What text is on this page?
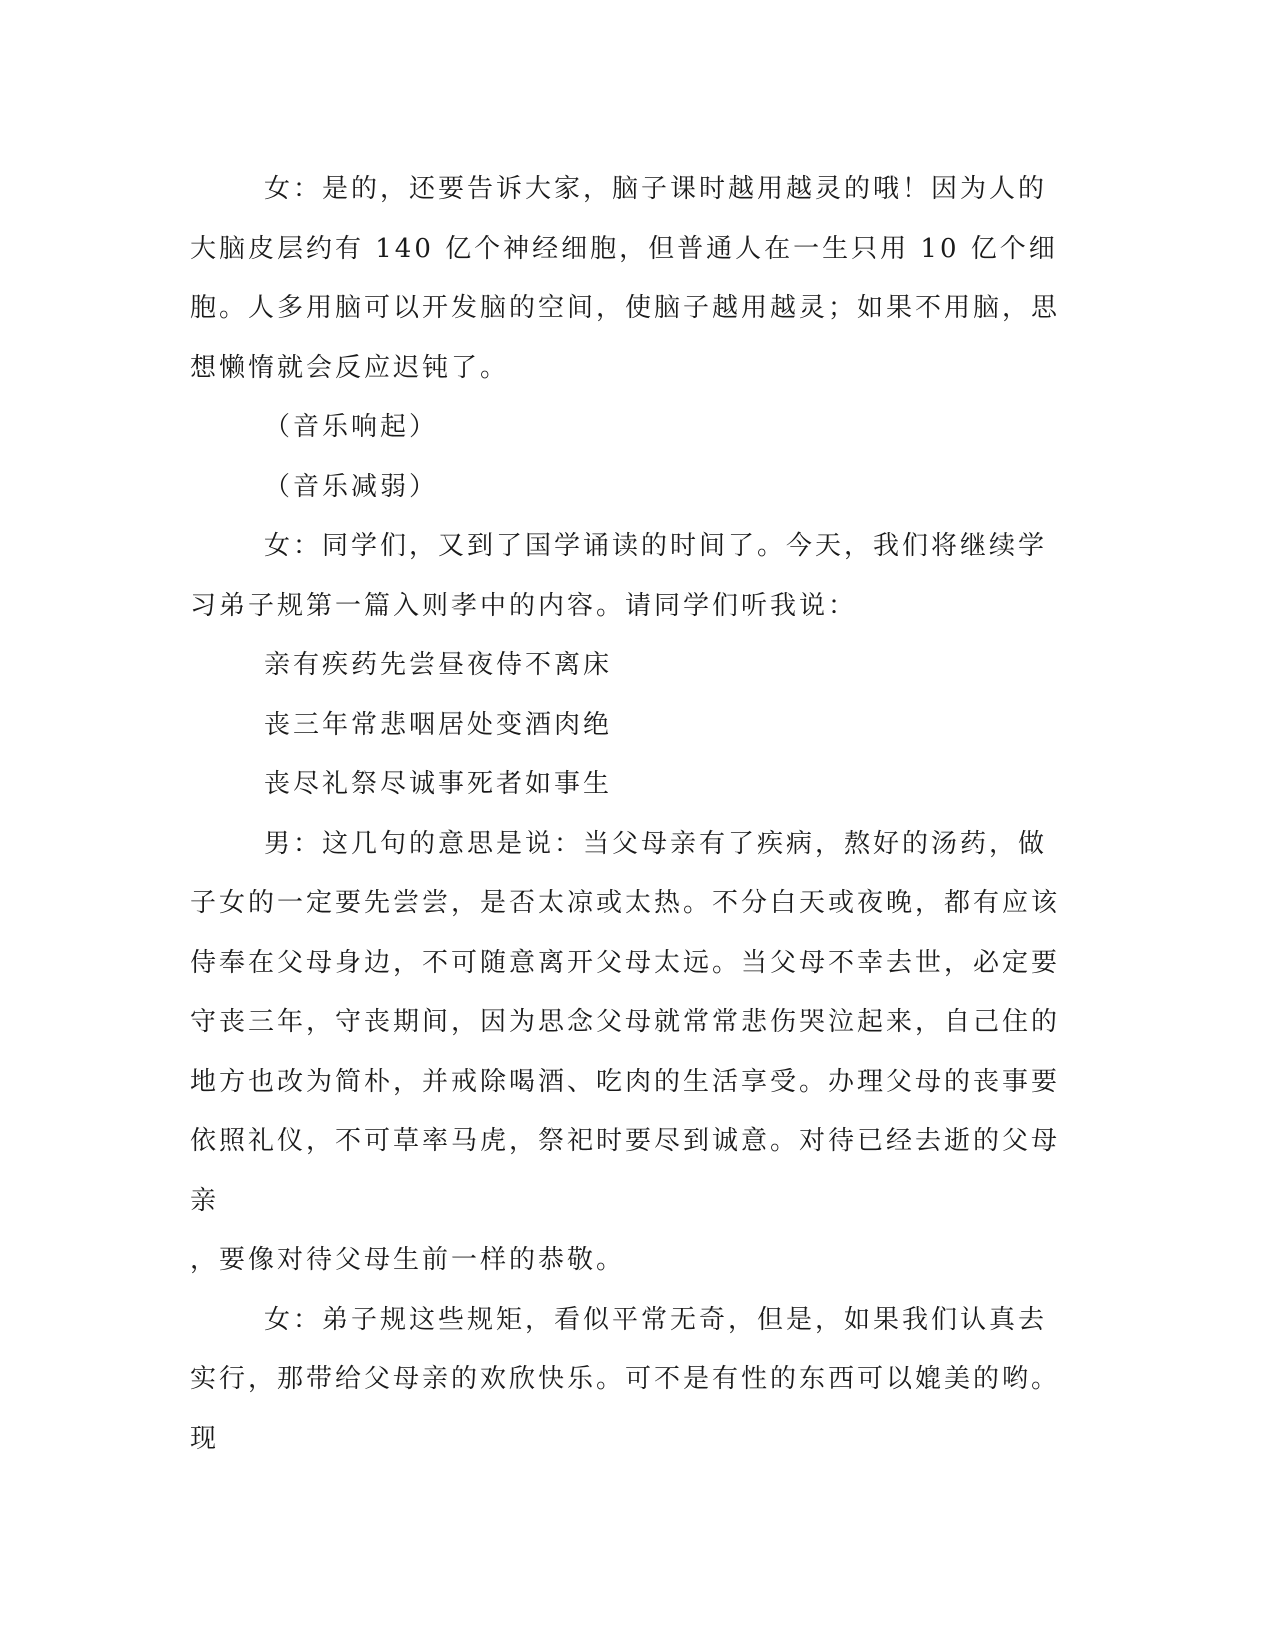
女：是的，还要告诉大家，脑子课时越用越灵的哦！因为人的大脑皮层约有 140 亿个神经细胞，但普通人在一生只用 10 亿个细胞。人多用脑可以开发脑的空间，使脑子越用越灵；如果不用脑，思想懒惰就会反应迟钝了。

（音乐响起）

（音乐减弱）

女：同学们，又到了国学诵读的时间了。今天，我们将继续学习弟子规第一篇入则孝中的内容。请同学们听我说：

亲有疾药先尝昼夜侍不离床

丧三年常悲咽居处变酒肉绝

丧尽礼祭尽诚事死者如事生

男：这几句的意思是说：当父母亲有了疾病，熬好的汤药，做子女的一定要先尝尝，是否太凉或太热。不分白天或夜晚，都有应该侍奉在父母身边，不可随意离开父母太远。当父母不幸去世，必定要守丧三年，守丧期间，因为思念父母就常常悲伤哭泣起来，自己住的地方也改为简朴，并戒除喝酒、吃肉的生活享受。办理父母的丧事要依照礼仪，不可草率马虎，祭祀时要尽到诚意。对待已经去逝的父母亲

，要像对待父母生前一样的恭敬。

女：弟子规这些规矩，看似平常无奇，但是，如果我们认真去实行，那带给父母亲的欢欣快乐。可不是有性的东西可以媲美的哟。现
